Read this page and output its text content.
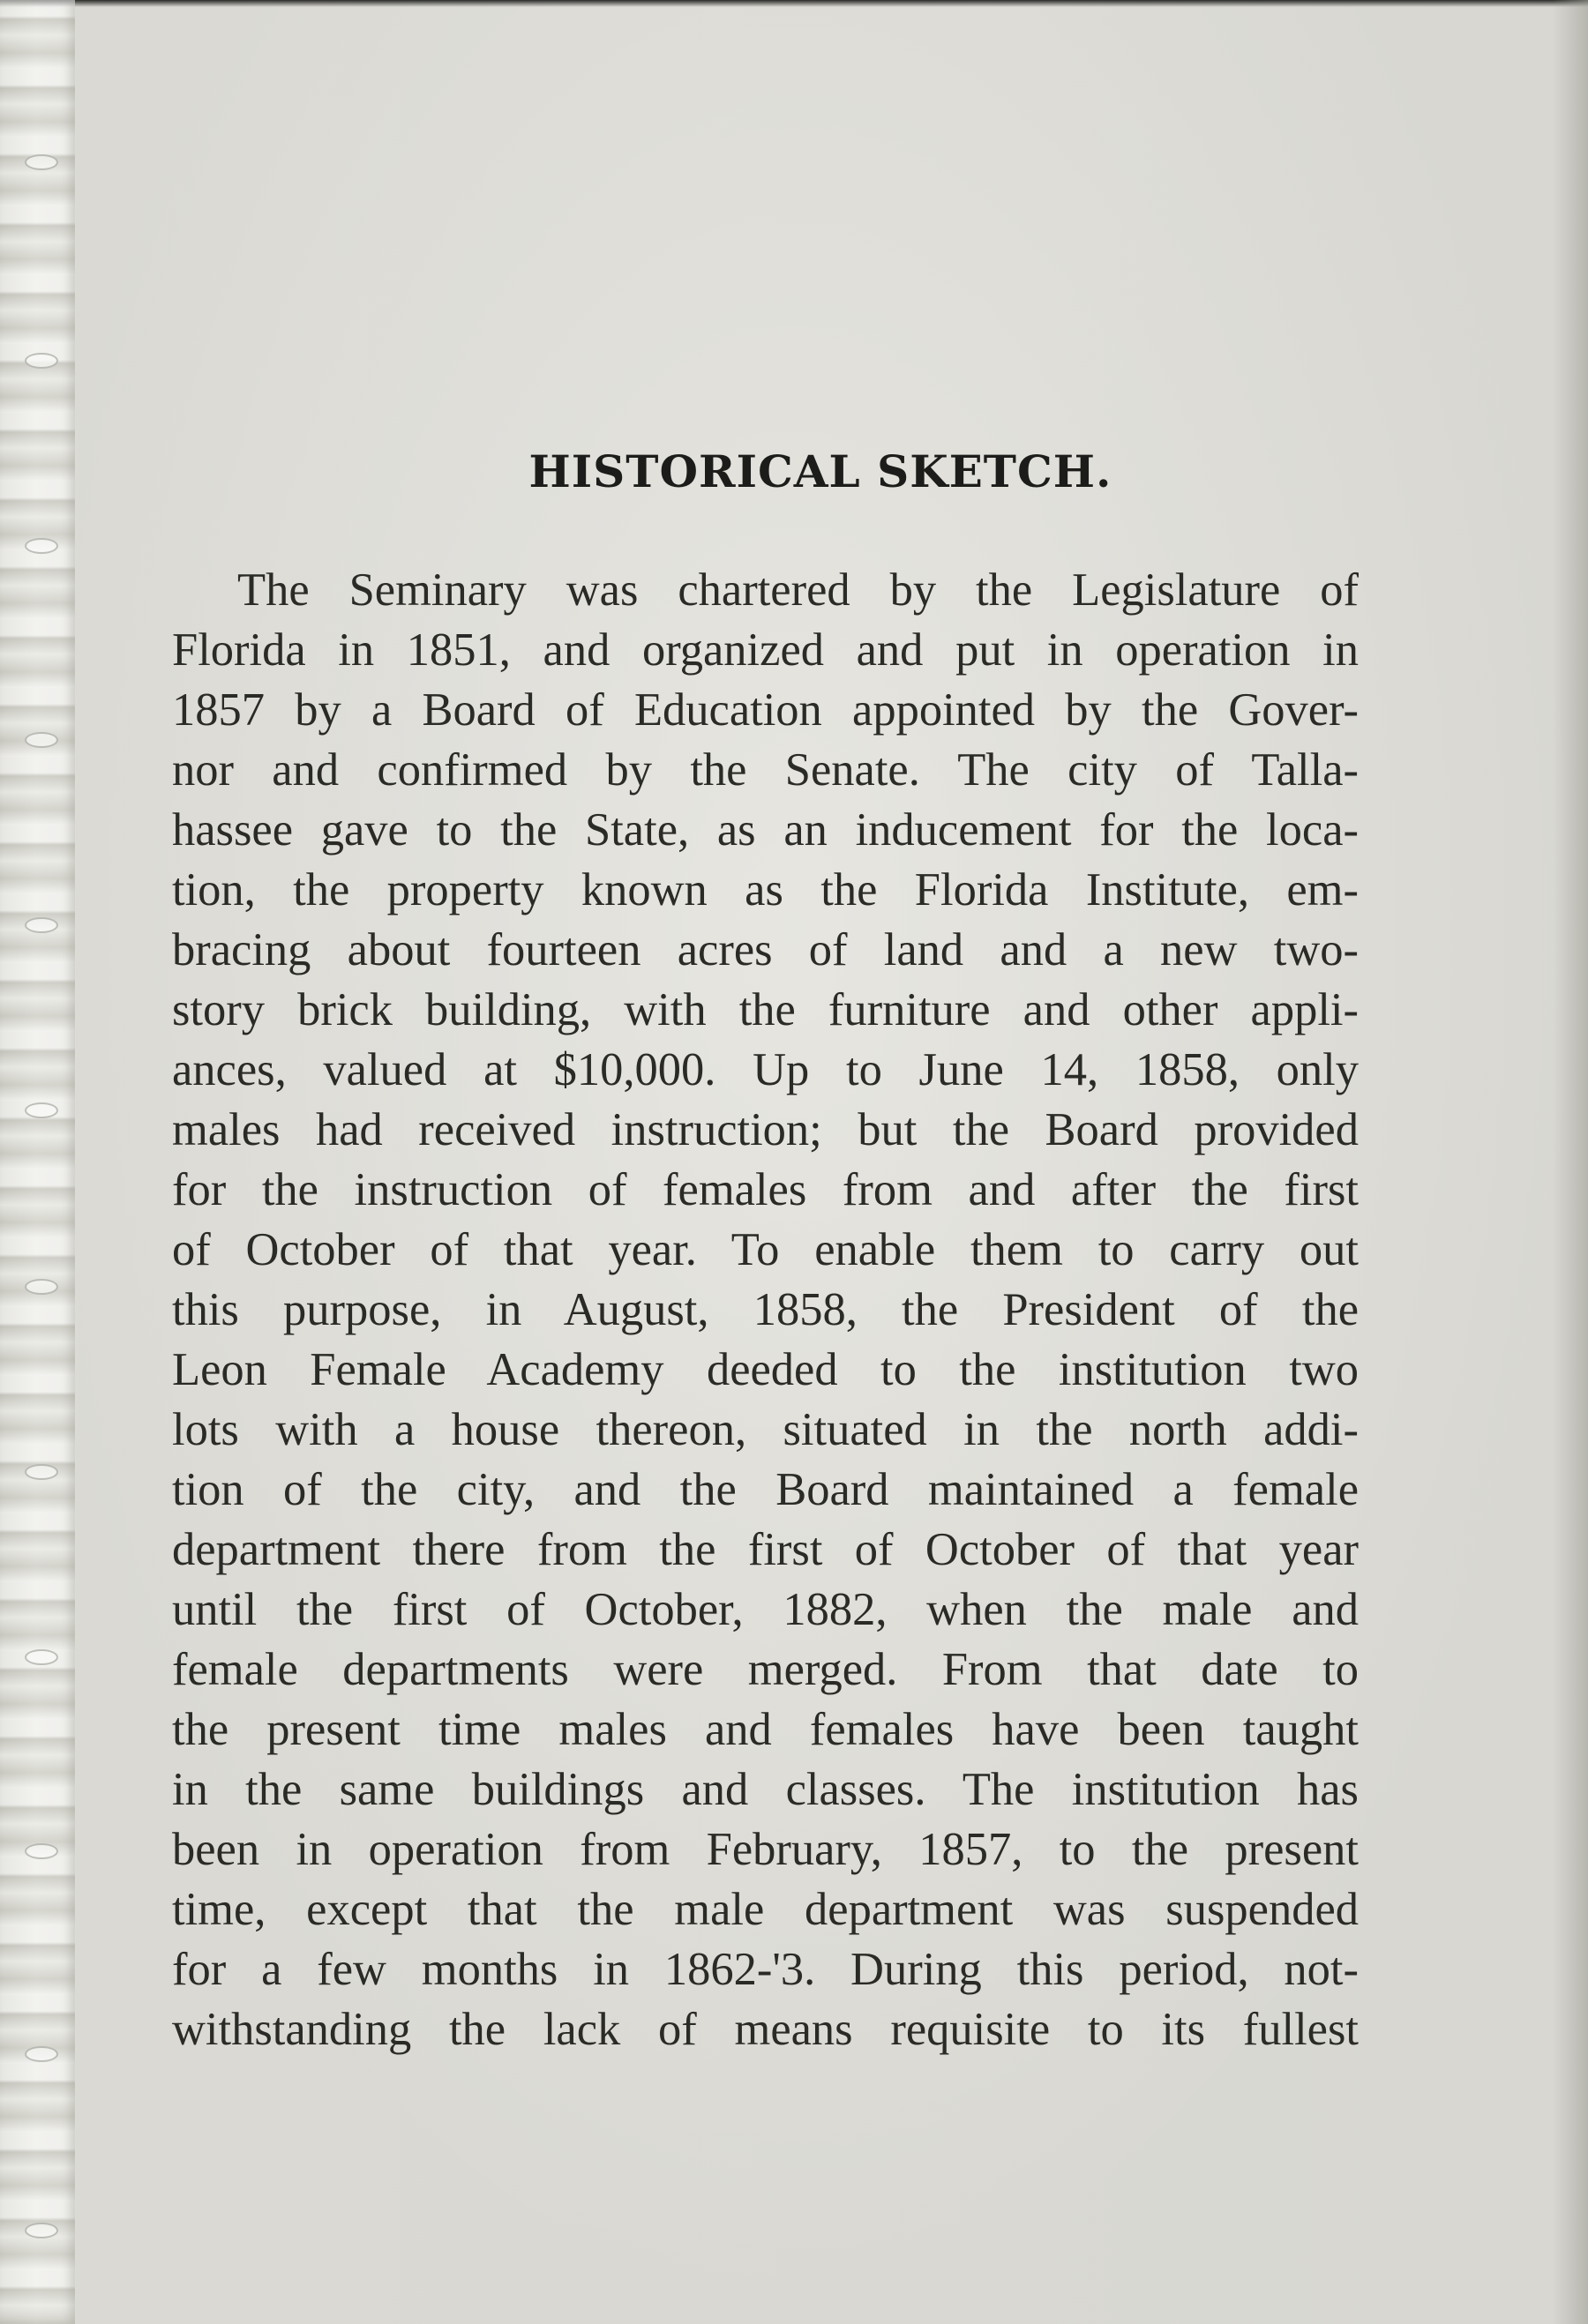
HISTORICAL SKETCH.
The Seminary was chartered by the Legislature of
Florida in 1851, and organized and put in operation in
1857 by a Board of Education appointed by the Gover-
nor and confirmed by the Senate. The city of Talla-
hassee gave to the State, as an inducement for the loca-
tion, the property known as the Florida Institute, em-
bracing about fourteen acres of land and a new two-
story brick building, with the furniture and other appli-
ances, valued at $10,000. Up to June 14, 1858, only
males had received instruction; but the Board provided
for the instruction of females from and after the first
of October of that year. To enable them to carry out
this purpose, in August, 1858, the President of the
Leon Female Academy deeded to the institution two
lots with a house thereon, situated in the north addi-
tion of the city, and the Board maintained a female
department there from the first of October of that year
until the first of October, 1882, when the male and
female departments were merged. From that date to
the present time males and females have been taught
in the same buildings and classes. The institution has
been in operation from February, 1857, to the present
time, except that the male department was suspended
for a few months in 1862-'3. During this period, not-
withstanding the lack of means requisite to its fullest
